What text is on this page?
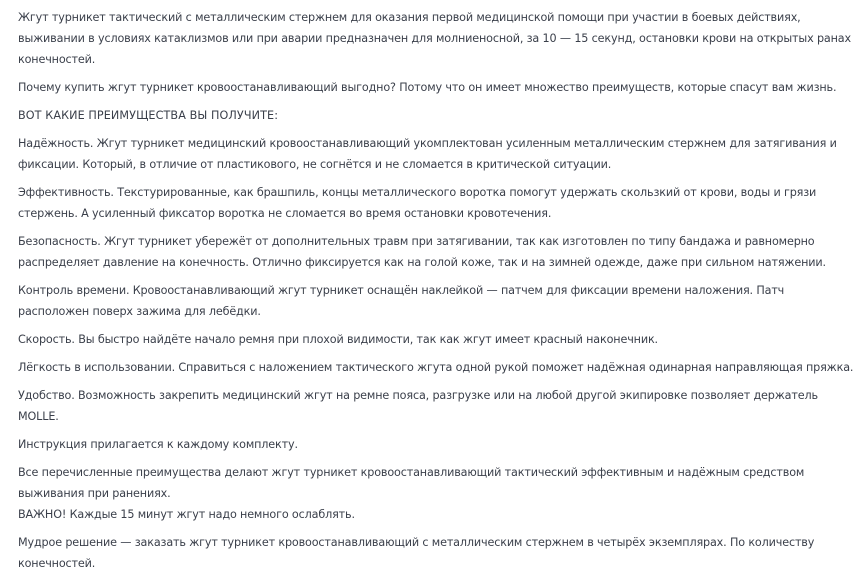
Жгут турникет тактический с металлическим стержнем для оказания первой медицинской помощи при участии в боевых действиях, выживании в условиях катаклизмов или при аварии предназначен для молниеносной, за 10 — 15 секунд, остановки крови на открытых ранах конечностей.

Почему купить жгут турникет кровоостанавливающий выгодно? Потому что он имеет множество преимуществ, которые спасут вам жизнь.

ВОТ КАКИЕ ПРЕИМУЩЕСТВА ВЫ ПОЛУЧИТЕ:

Надёжность. Жгут турникет медицинский кровоостанавливающий укомплектован усиленным металлическим стержнем для затягивания и фиксации. Который, в отличие от пластикового, не согнётся и не сломается в критической ситуации.

Эффективность. Текстурированные, как брашпиль, концы металлического воротка помогут удержать скользкий от крови, воды и грязи стержень. А усиленный фиксатор воротка не сломается во время остановки кровотечения.

Безопасность. Жгут турникет убережёт от дополнительных травм при затягивании, так как изготовлен по типу бандажа и равномерно распределяет давление на конечность. Отлично фиксируется как на голой коже, так и на зимней одежде, даже при сильном натяжении.

Контроль времени. Кровоостанавливающий жгут турникет оснащён наклейкой — патчем для фиксации времени наложения. Патч расположен поверх зажима для лебёдки.

Скорость. Вы быстро найдёте начало ремня при плохой видимости, так как жгут имеет красный наконечник.

Лёгкость в использовании. Справиться с наложением тактического жгута одной рукой поможет надёжная одинарная направляющая пряжка.

Удобство. Возможность закрепить медицинский жгут на ремне пояса, разгрузке или на любой другой экипировке позволяет держатель MOLLE.

Инструкция прилагается к каждому комплекту.

Все перечисленные преимущества делают жгут турникет кровоостанавливающий тактический эффективным и надёжным средством выживания при ранениях.

ВАЖНО! Каждые 15 минут жгут надо немного ослаблять.

Мудрое решение — заказать жгут турникет кровоостанавливающий с металлическим стержнем в четырёх экземплярах. По количеству конечностей.
